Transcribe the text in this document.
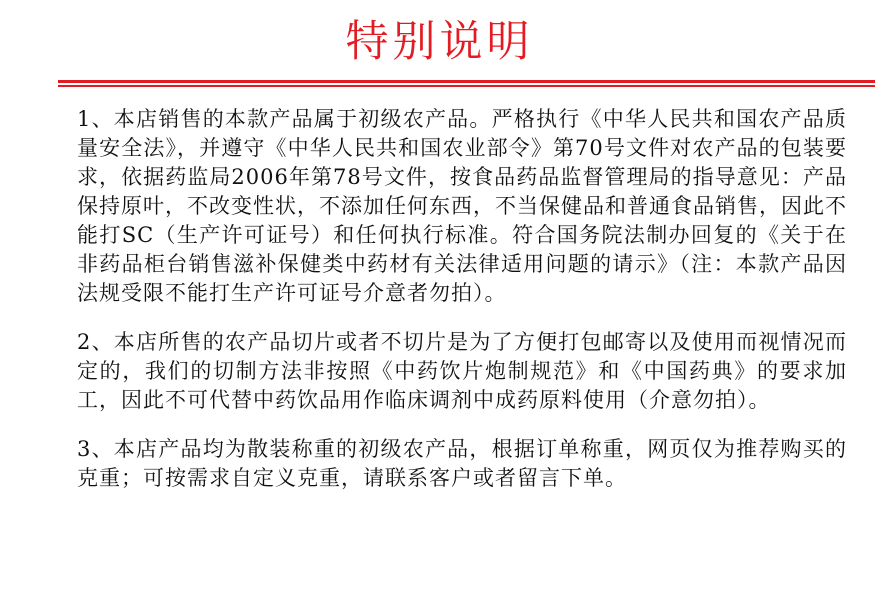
特别说明

1、本店销售的本款产品属于初级农产品。严格执行《中华人民共和国农产品质量安全法》，并遵守《中华人民共和国农业部令》第70号文件对农产品的包装要求，依据药监局2006年第78号文件，按食品药品监督管理局的指导意见：产品保持原叶，不改变性状，不添加任何东西，不当保健品和普通食品销售，因此不能打SC（生产许可证号）和任何执行标准。符合国务院法制办回复的《关于在非药品柜台销售滋补保健类中药材有关法律适用问题的请示》（注：本款产品因法规受限不能打生产许可证号介意者勿拍）。

2、本店所售的农产品切片或者不切片是为了方便打包邮寄以及使用而视情况而定的，我们的切制方法非按照《中药饮片炮制规范》和《中国药典》的要求加工，因此不可代替中药饮品用作临床调剂中成药原料使用（介意勿拍）。

3、本店产品均为散装称重的初级农产品，根据订单称重，网页仅为推荐购买的克重；可按需求自定义克重，请联系客户或者留言下单。
